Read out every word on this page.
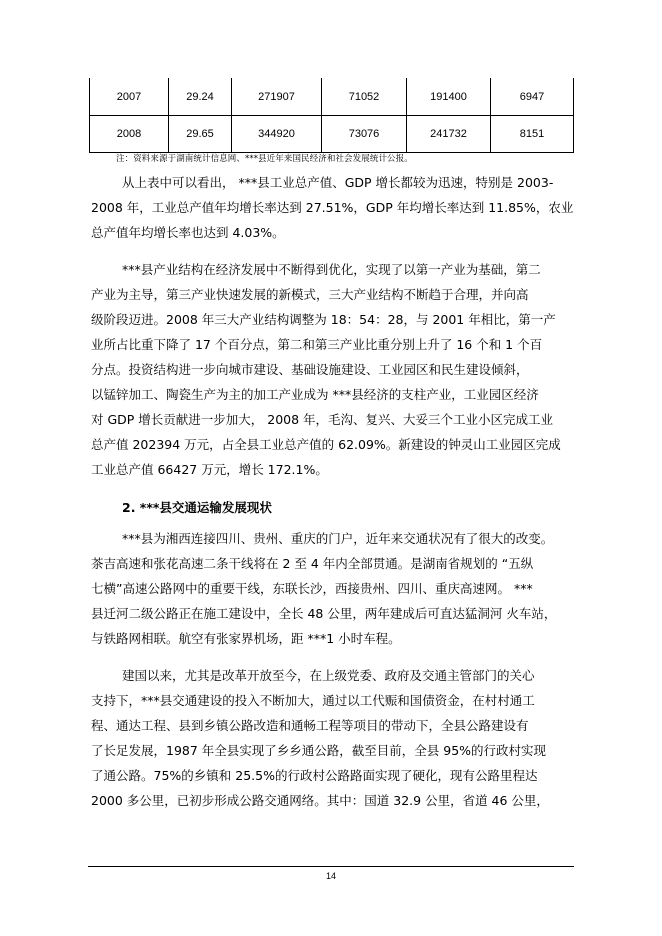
2007	29.24	271907	71052	191400	6947
2008	29.65	344920	73076	241732	8151
注：资料来源于湖南统计信息网、***县近年来国民经济和社会发展统计公报。
从上表中可以看出， ***县工业总产值、GDP 增长都较为迅速，特别是 2003-
2008 年，工业总产值年均增长率达到 27.51%，GDP 年均增长率达到 11.85%，农业
总产值年均增长率也达到 4.03%。
***县产业结构在经济发展中不断得到优化，实现了以第一产业为基础，第二
产业为主导，第三产业快速发展的新模式，三大产业结构不断趋于合理，并向高
级阶段迈进。2008 年三大产业结构调整为 18：54：28，与 2001 年相比，第一产
业所占比重下降了 17 个百分点，第二和第三产业比重分别上升了 16 个和 1 个百
分点。投资结构进一步向城市建设、基础设施建设、工业园区和民生建设倾斜，
以锰锌加工、陶瓷生产为主的加工产业成为 ***县经济的支柱产业，工业园区经济
对 GDP 增长贡献进一步加大， 2008 年，毛沟、复兴、大妥三个工业小区完成工业
总产值 202394 万元，占全县工业总产值的 62.09%。新建设的钟灵山工业园区完成
工业总产值 66427 万元，增长 172.1%。
2. ***县交通运输发展现状
***县为湘西连接四川、贵州、重庆的门户，近年来交通状况有了很大的改变。
茶吉高速和张花高速二条干线将在 2 至 4 年内全部贯通。是湖南省规划的 “五纵
七横”高速公路网中的重要干线，东联长沙，西接贵州、四川、重庆高速网。 ***
县迁河二级公路正在施工建设中，全长 48 公里，两年建成后可直达猛洞河 火车站，
与铁路网相联。航空有张家界机场，距 ***1 小时车程。
建国以来，尤其是改革开放至今，在上级党委、政府及交通主管部门的关心
支持下，***县交通建设的投入不断加大，通过以工代赈和国债资金，在村村通工
程、通达工程、县到乡镇公路改造和通畅工程等项目的带动下，全县公路建设有
了长足发展，1987 年全县实现了乡乡通公路，截至目前，全县 95%的行政村实现
了通公路。75%的乡镇和 25.5%的行政村公路路面实现了硬化，现有公路里程达
2000 多公里，已初步形成公路交通网络。其中：国道 32.9 公里，省道 46 公里，
14
